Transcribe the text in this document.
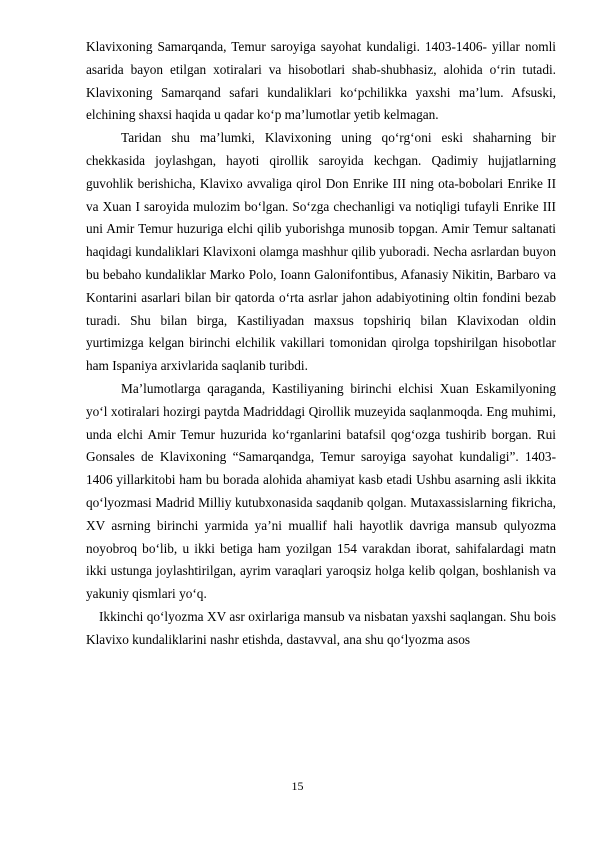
Klavixoning Samarqanda, Temur saroyiga sayohat kundaligi. 1403-1406- yillar nomli asarida bayon etilgan xotiralari va hisobotlari shab-shubhasiz, alohida o‘rin tutadi. Klavixoning Samarqand safari kundaliklari ko‘pchilikka yaxshi ma’lum. Afsuski, elchining shaxsi haqida u qadar ko‘p ma’lumotlar yetib kelmagan.

Taridan shu ma’lumki, Klavixoning uning qo‘rg‘oni eski shaharning bir chekkasida joylashgan, hayoti qirollik saroyida kechgan. Qadimiy hujjatlarning guvohlik berishicha, Klavixo avvaliga qirol Don Enrike III ning ota-bobolari Enrike II va Xuan I saroyida mulozim bo‘lgan. So‘zga chechanligi va notiqligi tufayli Enrike III uni Amir Temur huzuriga elchi qilib yuborishga munosib topgan. Amir Temur saltanati haqidagi kundaliklari Klavixoni olamga mashhur qilib yuboradi. Necha asrlardan buyon bu bebaho kundaliklar Marko Polo, Ioann Galonifontibus, Afanasiy Nikitin, Barbaro va Kontarini asarlari bilan bir qatorda o‘rta asrlar jahon adabiyotining oltin fondini bezab turadi. Shu bilan birga, Kastiliyadan maxsus topshiriq bilan Klavixodan oldin yurtimizga kelgan birinchi elchilik vakillari tomonidan qirolga topshirilgan hisobotlar ham Ispaniya arxivlarida saqlanib turibdi.

Ma’lumotlarga qaraganda, Kastiliyaning birinchi elchisi Xuan Eskamilyoning yo‘l xotiralari hozirgi paytda Madriddagi Qirollik muzeyida saqlanmoqda. Eng muhimi, unda elchi Amir Temur huzurida ko‘rganlarini batafsil qog‘ozga tushirib borgan. Rui Gonsales de Klavixoning “Samarqandga, Temur saroyiga sayohat kundaligi”. 1403-1406 yillarkitobi ham bu borada alohida ahamiyat kasb etadi Ushbu asarning asli ikkita qo‘lyozmasi Madrid Milliy kutubxonasida saqdanib qolgan. Mutaxassislarning fikricha, XV asrning birinchi yarmida ya’ni muallif hali hayotlik davriga mansub qulyozma noyobroq bo‘lib, u ikki betiga ham yozilgan 154 varakdan iborat, sahifalardagi matn ikki ustunga joylashtirilgan, ayrim varaqlari yaroqsiz holga kelib qolgan, boshlanish va yakuniy qismlari yo‘q.

Ikkinchi qo‘lyozma XV asr oxirlariga mansub va nisbatan yaxshi saqlangan. Shu bois Klavixo kundaliklarini nashr etishda, dastavval, ana shu qo‘lyozma asos

15
